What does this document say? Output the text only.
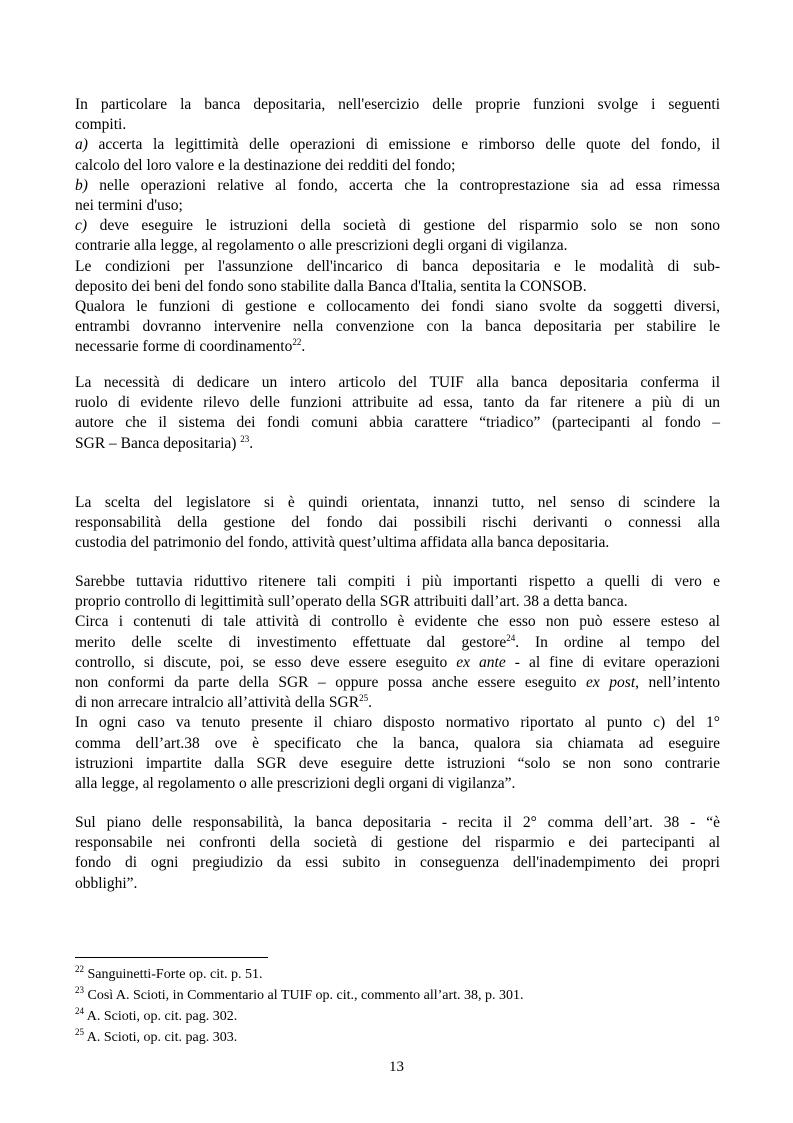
In particolare la banca depositaria, nell'esercizio delle proprie funzioni svolge i seguenti
compiti.
a) accerta la legittimità delle operazioni di emissione e rimborso delle quote del fondo, il
calcolo del loro valore e la destinazione dei redditi del fondo;
b) nelle operazioni relative al fondo, accerta che la controprestazione sia ad essa rimessa
nei termini d'uso;
c) deve eseguire le istruzioni della società di gestione del risparmio solo se non sono
contrarie alla legge, al regolamento o alle prescrizioni degli organi di vigilanza.
Le condizioni per l'assunzione dell'incarico di banca depositaria e le modalità di sub-
deposito dei beni del fondo sono stabilite dalla Banca d'Italia, sentita la CONSOB.
Qualora le funzioni di gestione e collocamento dei fondi siano svolte da soggetti diversi,
entrambi dovranno intervenire nella convenzione con la banca depositaria per stabilire le
necessarie forme di coordinamento$^{22}$.
La necessità di dedicare un intero articolo del TUIF alla banca depositaria conferma il
ruolo di evidente rilevo delle funzioni attribuite ad essa, tanto da far ritenere a più di un
autore che il sistema dei fondi comuni abbia carattere “triadico” (partecipanti al fondo –
SGR – Banca depositaria) $^{23}$.
La scelta del legislatore si è quindi orientata, innanzi tutto, nel senso di scindere la
responsabilità della gestione del fondo dai possibili rischi derivanti o connessi alla
custodia del patrimonio del fondo, attività quest’ultima affidata alla banca depositaria.
Sarebbe tuttavia riduttivo ritenere tali compiti i più importanti rispetto a quelli di vero e
proprio controllo di legittimità sull’operato della SGR attribuiti dall’art. 38 a detta banca.
Circa i contenuti di tale attività di controllo è evidente che esso non può essere esteso al
merito delle scelte di investimento effettuate dal gestore$^{24}$. In ordine al tempo del
controllo, si discute, poi, se esso deve essere eseguito ex ante - al fine di evitare operazioni
non conformi da parte della SGR – oppure possa anche essere eseguito ex post, nell’intento
di non arrecare intralcio all’attività della SGR$^{25}$.
In ogni caso va tenuto presente il chiaro disposto normativo riportato al punto c) del 1°
comma dell’art.38 ove è specificato che la banca, qualora sia chiamata ad eseguire
istruzioni impartite dalla SGR deve eseguire dette istruzioni “solo se non sono contrarie
alla legge, al regolamento o alle prescrizioni degli organi di vigilanza”.
Sul piano delle responsabilità, la banca depositaria - recita il 2° comma dell’art. 38 - “è
responsabile nei confronti della società di gestione del risparmio e dei partecipanti al
fondo di ogni pregiudizio da essi subito in conseguenza dell'inadempimento dei propri
obblighi”.
$^{22}$ Sanguinetti-Forte op. cit. p. 51.
$^{23}$ Così A. Scioti, in Commentario al TUIF op. cit., commento all’art. 38, p. 301.
$^{24}$ A. Scioti, op. cit. pag. 302.
$^{25}$ A. Scioti, op. cit. pag. 303.
13
